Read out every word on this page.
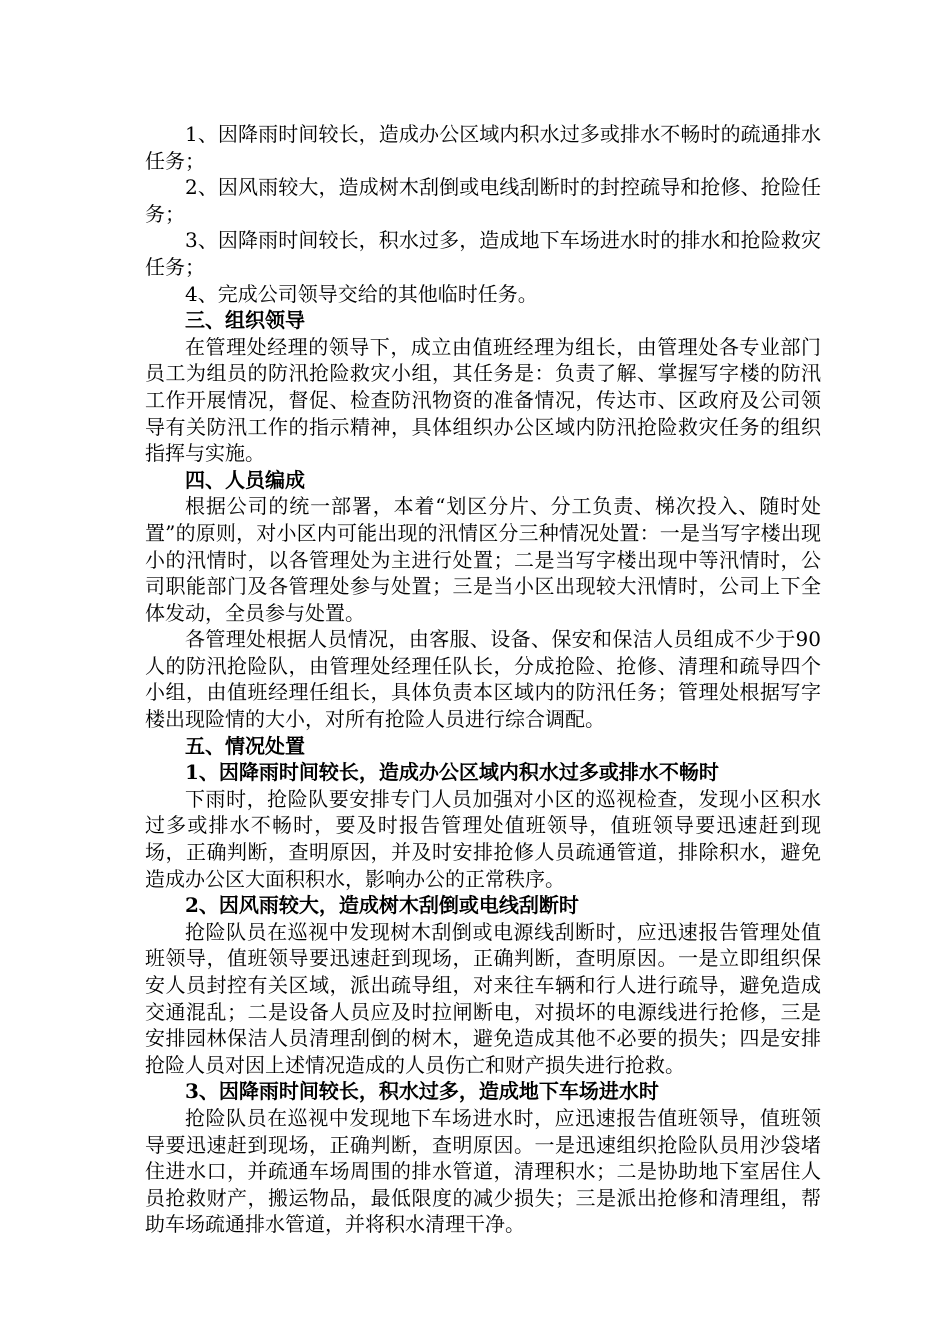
1、因降雨时间较长，造成办公区域内积水过多或排水不畅时的疏通排水任务；

2、因风雨较大，造成树木刮倒或电线刮断时的封控疏导和抢修、抢险任务；

3、因降雨时间较长，积水过多，造成地下车场进水时的排水和抢险救灾任务；

4、完成公司领导交给的其他临时任务。

三、组织领导

在管理处经理的领导下，成立由值班经理为组长，由管理处各专业部门员工为组员的防汛抢险救灾小组，其任务是：负责了解、掌握写字楼的防汛工作开展情况，督促、检查防汛物资的准备情况，传达市、区政府及公司领导有关防汛工作的指示精神，具体组织办公区域内防汛抢险救灾任务的组织指挥与实施。

四、人员编成

根据公司的统一部署，本着“划区分片、分工负责、梯次投入、随时处置”的原则，对小区内可能出现的汛情区分三种情况处置：一是当写字楼出现小的汛情时，以各管理处为主进行处置；二是当写字楼出现中等汛情时，公司职能部门及各管理处参与处置；三是当小区出现较大汛情时，公司上下全体发动，全员参与处置。

各管理处根据人员情况，由客服、设备、保安和保洁人员组成不少于90人的防汛抢险队，由管理处经理任队长，分成抢险、抢修、清理和疏导四个小组，由值班经理任组长，具体负责本区域内的防汛任务；管理处根据写字楼出现险情的大小，对所有抢险人员进行综合调配。

五、情况处置

1、因降雨时间较长，造成办公区域内积水过多或排水不畅时

下雨时，抢险队要安排专门人员加强对小区的巡视检查，发现小区积水过多或排水不畅时，要及时报告管理处值班领导，值班领导要迅速赶到现场，正确判断，查明原因，并及时安排抢修人员疏通管道，排除积水，避免造成办公区大面积积水，影响办公的正常秩序。

2、因风雨较大，造成树木刮倒或电线刮断时

抢险队员在巡视中发现树木刮倒或电源线刮断时，应迅速报告管理处值班领导，值班领导要迅速赶到现场，正确判断，查明原因。一是立即组织保安人员封控有关区域，派出疏导组，对来往车辆和行人进行疏导，避免造成交通混乱；二是设备人员应及时拉闸断电，对损坏的电源线进行抢修，三是安排园林保洁人员清理刮倒的树木，避免造成其他不必要的损失；四是安排抢险人员对因上述情况造成的人员伤亡和财产损失进行抢救。

3、因降雨时间较长，积水过多，造成地下车场进水时

抢险队员在巡视中发现地下车场进水时，应迅速报告值班领导，值班领导要迅速赶到现场，正确判断，查明原因。一是迅速组织抢险队员用沙袋堵住进水口，并疏通车场周围的排水管道，清理积水；二是协助地下室居住人员抢救财产，搬运物品，最低限度的减少损失；三是派出抢修和清理组，帮助车场疏通排水管道，并将积水清理干净。
